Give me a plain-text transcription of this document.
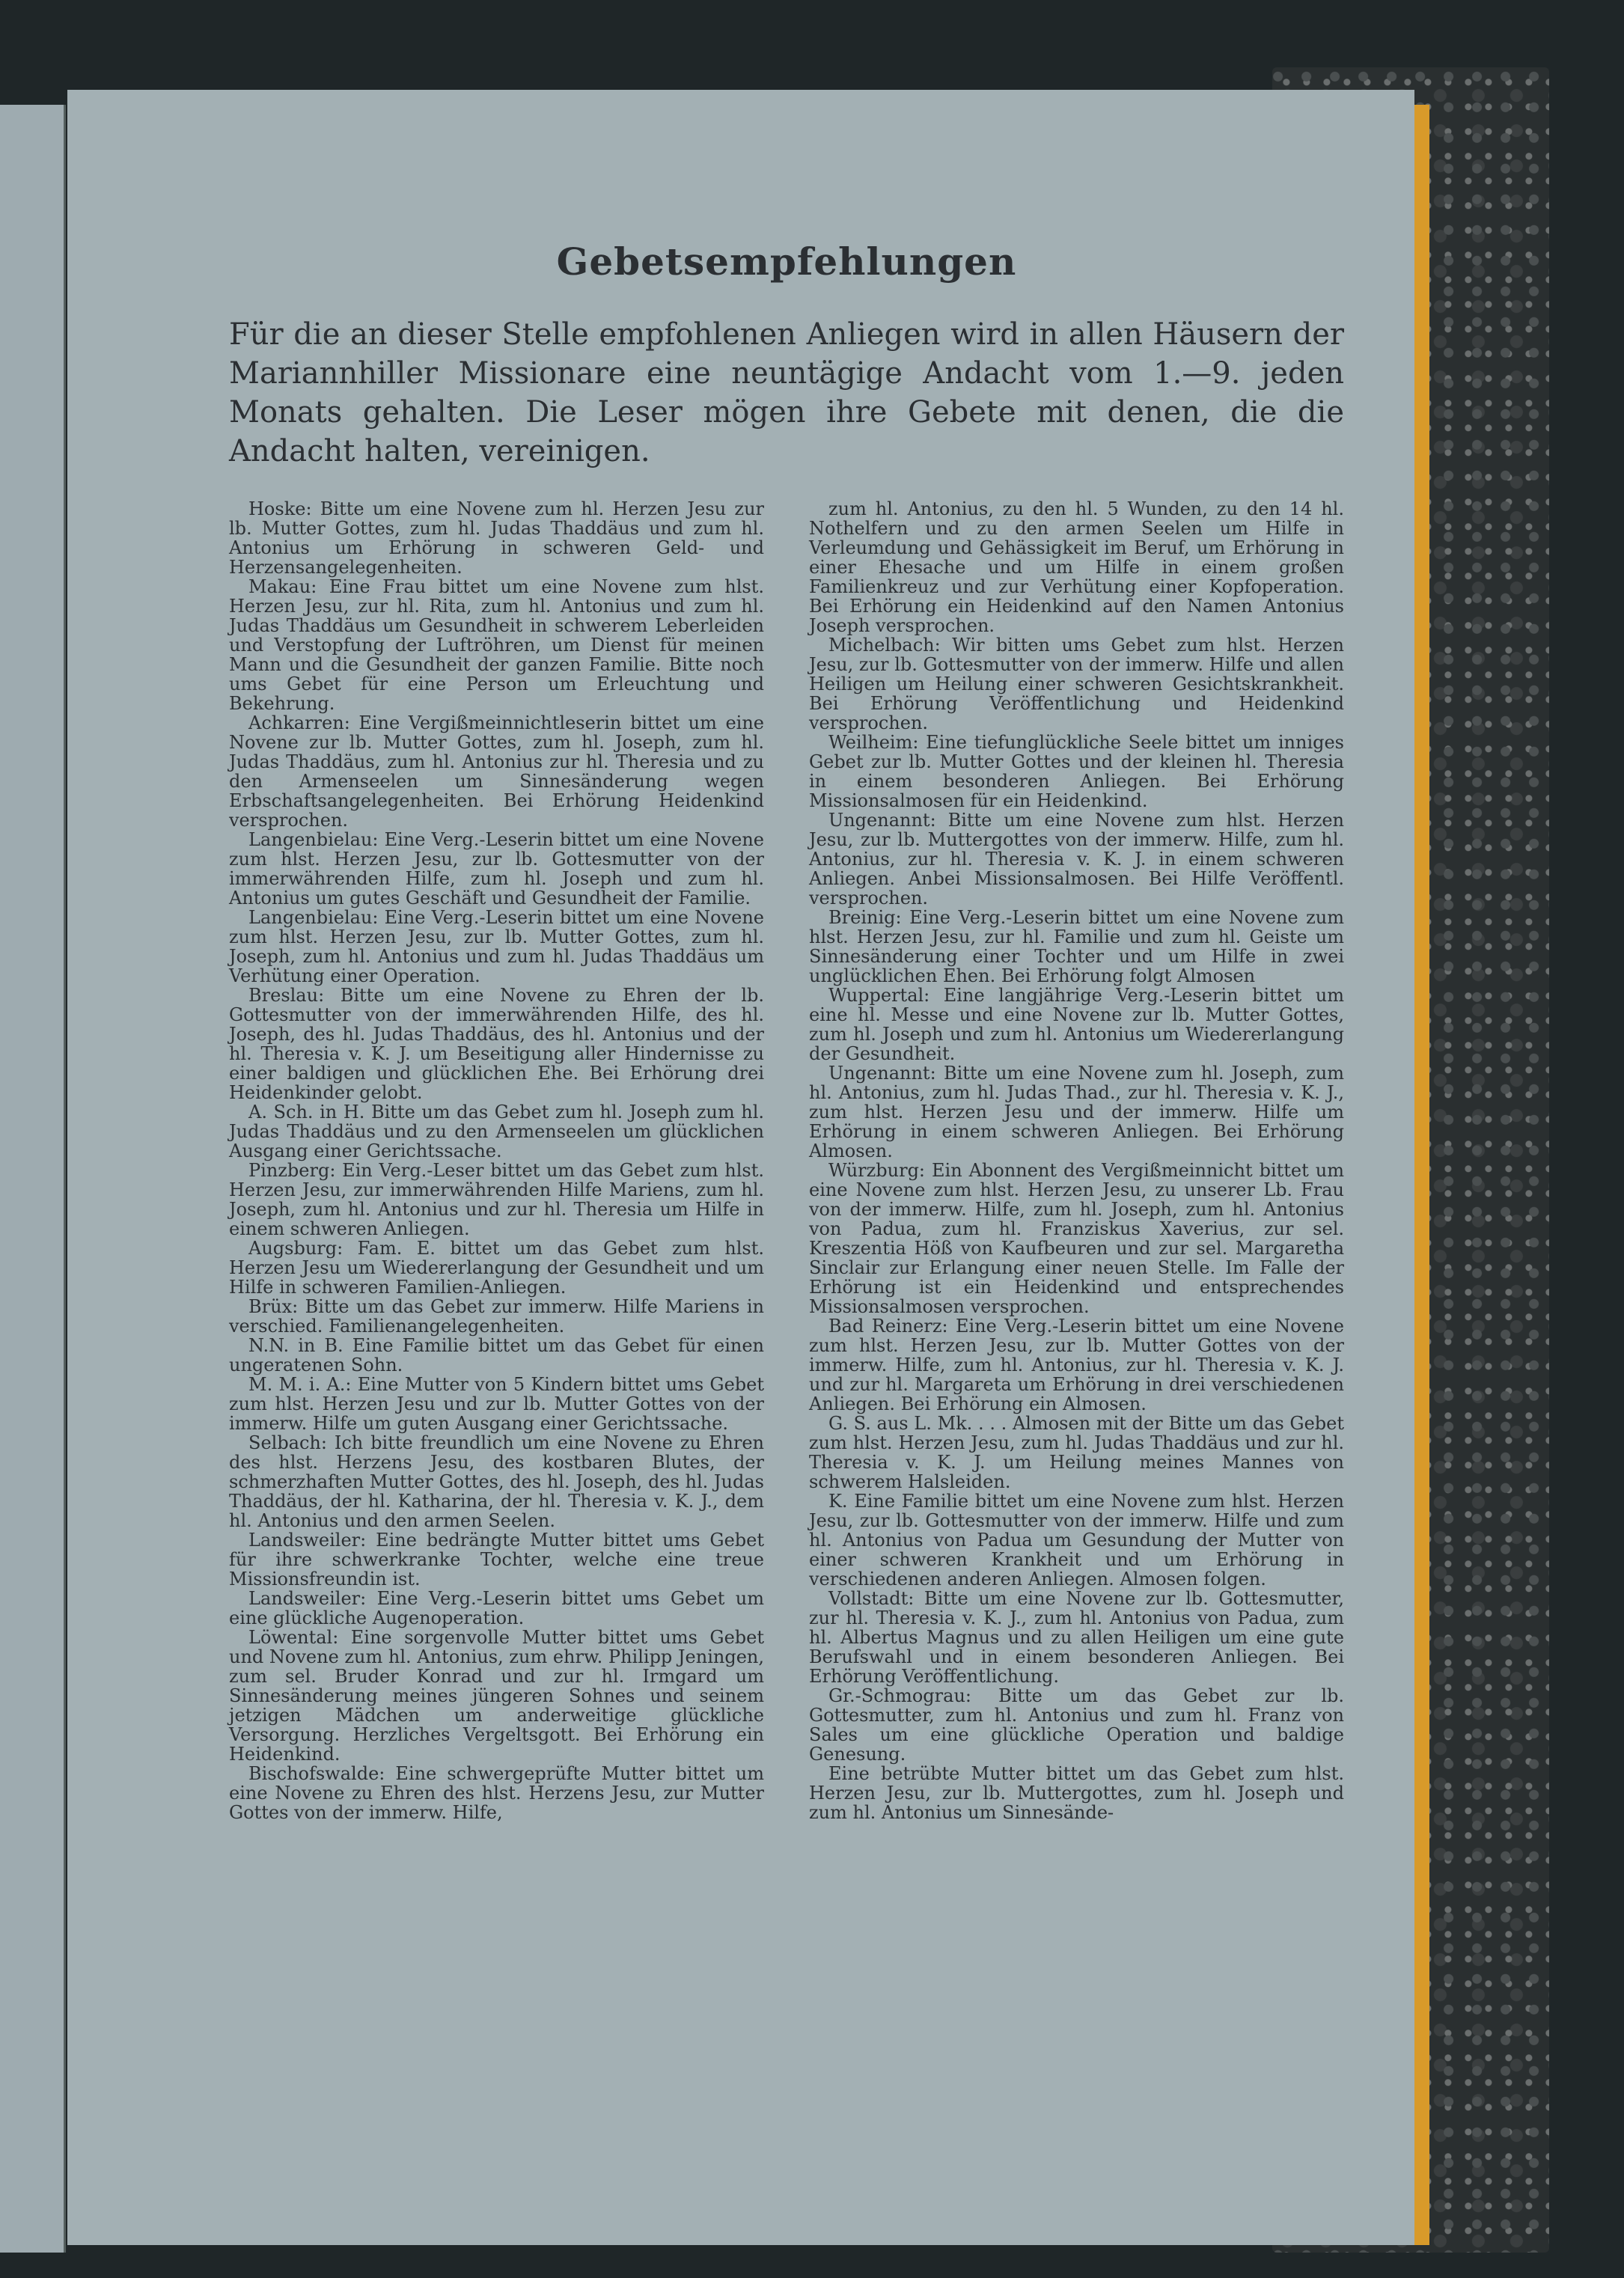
Gebetsempfehlungen
Für die an dieser Stelle empfohlenen Anliegen wird in allen Häusern der Mariannhiller Missionare eine neuntägige Andacht vom 1.—9. jeden Monats gehalten. Die Leser mögen ihre Gebete mit denen, die die Andacht halten, vereinigen.

Hoske: Bitte um eine Novene zum hl. Herzen Jesu zur lb. Mutter Gottes, zum hl. Judas Thaddäus und zum hl. Antonius um Erhörung in schweren Geld- und Herzensangelegenheiten.

Makau: Eine Frau bittet um eine Novene zum hlst. Herzen Jesu, zur hl. Rita, zum hl. Antonius und zum hl. Judas Thaddäus um Gesundheit in schwerem Leberleiden und Verstopfung der Luftröhren, um Dienst für meinen Mann und die Gesundheit der ganzen Familie. Bitte noch ums Gebet für eine Person um Erleuchtung und Bekehrung.

Achkarren: Eine Vergißmeinnichtleserin bittet um eine Novene zur lb. Mutter Gottes, zum hl. Joseph, zum hl. Judas Thaddäus, zum hl. Antonius zur hl. Theresia und zu den Armenseelen um Sinnesänderung wegen Erbschaftsangelegenheiten. Bei Erhörung Heidenkind versprochen.

Langenbielau: Eine Verg.-Leserin bittet um eine Novene zum hlst. Herzen Jesu, zur lb. Gottesmutter von der immerwährenden Hilfe, zum hl. Joseph und zum hl. Antonius um gutes Geschäft und Gesundheit der Familie.

Langenbielau: Eine Verg.-Leserin bittet um eine Novene zum hlst. Herzen Jesu, zur lb. Mutter Gottes, zum hl. Joseph, zum hl. Antonius und zum hl. Judas Thaddäus um Verhütung einer Operation.

Breslau: Bitte um eine Novene zu Ehren der lb. Gottesmutter von der immerwährenden Hilfe, des hl. Joseph, des hl. Judas Thaddäus, des hl. Antonius und der hl. Theresia v. K. J. um Beseitigung aller Hindernisse zu einer baldigen und glücklichen Ehe. Bei Erhörung drei Heidenkinder gelobt.

A. Sch. in H. Bitte um das Gebet zum hl. Joseph zum hl. Judas Thaddäus und zu den Armenseelen um glücklichen Ausgang einer Gerichtssache.

Pinzberg: Ein Verg.-Leser bittet um das Gebet zum hlst. Herzen Jesu, zur immerwährenden Hilfe Mariens, zum hl. Joseph, zum hl. Antonius und zur hl. Theresia um Hilfe in einem schweren Anliegen.

Augsburg: Fam. E. bittet um das Gebet zum hlst. Herzen Jesu um Wiedererlangung der Gesundheit und um Hilfe in schweren Familien-Anliegen.

Brüx: Bitte um das Gebet zur immerw. Hilfe Mariens in verschied. Familienangelegenheiten.

N.N. in B. Eine Familie bittet um das Gebet für einen ungeratenen Sohn.

M. M. i. A.: Eine Mutter von 5 Kindern bittet ums Gebet zum hlst. Herzen Jesu und zur lb. Mutter Gottes von der immerw. Hilfe um guten Ausgang einer Gerichtssache.

Selbach: Ich bitte freundlich um eine Novene zu Ehren des hlst. Herzens Jesu, des kostbaren Blutes, der schmerzhaften Mutter Gottes, des hl. Joseph, des hl. Judas Thaddäus, der hl. Katharina, der hl. Theresia v. K. J., dem hl. Antonius und den armen Seelen.

Landsweiler: Eine bedrängte Mutter bittet ums Gebet für ihre schwerkranke Tochter, welche eine treue Missionsfreundin ist.

Landsweiler: Eine Verg.-Leserin bittet ums Gebet um eine glückliche Augenoperation.

Löwental: Eine sorgenvolle Mutter bittet ums Gebet und Novene zum hl. Antonius, zum ehrw. Philipp Jeningen, zum sel. Bruder Konrad und zur hl. Irmgard um Sinnesänderung meines jüngeren Sohnes und seinem jetzigen Mädchen um anderweitige glückliche Versorgung. Herzliches Vergeltsgott. Bei Erhörung ein Heidenkind.

Bischofswalde: Eine schwergeprüfte Mutter bittet um eine Novene zu Ehren des hlst. Herzens Jesu, zur Mutter Gottes von der immerw. Hilfe,

zum hl. Antonius, zu den hl. 5 Wunden, zu den 14 hl. Nothelfern und zu den armen Seelen um Hilfe in Verleumdung und Gehässigkeit im Beruf, um Erhörung in einer Ehesache und um Hilfe in einem großen Familienkreuz und zur Verhütung einer Kopfoperation. Bei Erhörung ein Heidenkind auf den Namen Antonius Joseph versprochen.

Michelbach: Wir bitten ums Gebet zum hlst. Herzen Jesu, zur lb. Gottesmutter von der immerw. Hilfe und allen Heiligen um Heilung einer schweren Gesichtskrankheit. Bei Erhörung Veröffentlichung und Heidenkind versprochen.

Weilheim: Eine tiefunglückliche Seele bittet um inniges Gebet zur lb. Mutter Gottes und der kleinen hl. Theresia in einem besonderen Anliegen. Bei Erhörung Missionsalmosen für ein Heidenkind.

Ungenannt: Bitte um eine Novene zum hlst. Herzen Jesu, zur lb. Muttergottes von der immerw. Hilfe, zum hl. Antonius, zur hl. Theresia v. K. J. in einem schweren Anliegen. Anbei Missionsalmosen. Bei Hilfe Veröffentl. versprochen.

Breinig: Eine Verg.-Leserin bittet um eine Novene zum hlst. Herzen Jesu, zur hl. Familie und zum hl. Geiste um Sinnesänderung einer Tochter und um Hilfe in zwei unglücklichen Ehen. Bei Erhörung folgt Almosen

Wuppertal: Eine langjährige Verg.-Leserin bittet um eine hl. Messe und eine Novene zur lb. Mutter Gottes, zum hl. Joseph und zum hl. Antonius um Wiedererlangung der Gesundheit.

Ungenannt: Bitte um eine Novene zum hl. Joseph, zum hl. Antonius, zum hl. Judas Thad., zur hl. Theresia v. K. J., zum hlst. Herzen Jesu und der immerw. Hilfe um Erhörung in einem schweren Anliegen. Bei Erhörung Almosen.

Würzburg: Ein Abonnent des Vergißmeinnicht bittet um eine Novene zum hlst. Herzen Jesu, zu unserer Lb. Frau von der immerw. Hilfe, zum hl. Joseph, zum hl. Antonius von Padua, zum hl. Franziskus Xaverius, zur sel. Kreszentia Höß von Kaufbeuren und zur sel. Margaretha Sinclair zur Erlangung einer neuen Stelle. Im Falle der Erhörung ist ein Heidenkind und entsprechendes Missionsalmosen versprochen.

Bad Reinerz: Eine Verg.-Leserin bittet um eine Novene zum hlst. Herzen Jesu, zur lb. Mutter Gottes von der immerw. Hilfe, zum hl. Antonius, zur hl. Theresia v. K. J. und zur hl. Margareta um Erhörung in drei verschiedenen Anliegen. Bei Erhörung ein Almosen.

G. S. aus L. Mk. . . . Almosen mit der Bitte um das Gebet zum hlst. Herzen Jesu, zum hl. Judas Thaddäus und zur hl. Theresia v. K. J. um Heilung meines Mannes von schwerem Halsleiden.

K. Eine Familie bittet um eine Novene zum hlst. Herzen Jesu, zur lb. Gottesmutter von der immerw. Hilfe und zum hl. Antonius von Padua um Gesundung der Mutter von einer schweren Krankheit und um Erhörung in verschiedenen anderen Anliegen. Almosen folgen.

Vollstadt: Bitte um eine Novene zur lb. Gottesmutter, zur hl. Theresia v. K. J., zum hl. Antonius von Padua, zum hl. Albertus Magnus und zu allen Heiligen um eine gute Berufswahl und in einem besonderen Anliegen. Bei Erhörung Veröffentlichung.

Gr.-Schmograu: Bitte um das Gebet zur lb. Gottesmutter, zum hl. Antonius und zum hl. Franz von Sales um eine glückliche Operation und baldige Genesung.

Eine betrübte Mutter bittet um das Gebet zum hlst. Herzen Jesu, zur lb. Muttergottes, zum hl. Joseph und zum hl. Antonius um Sinnesände-
